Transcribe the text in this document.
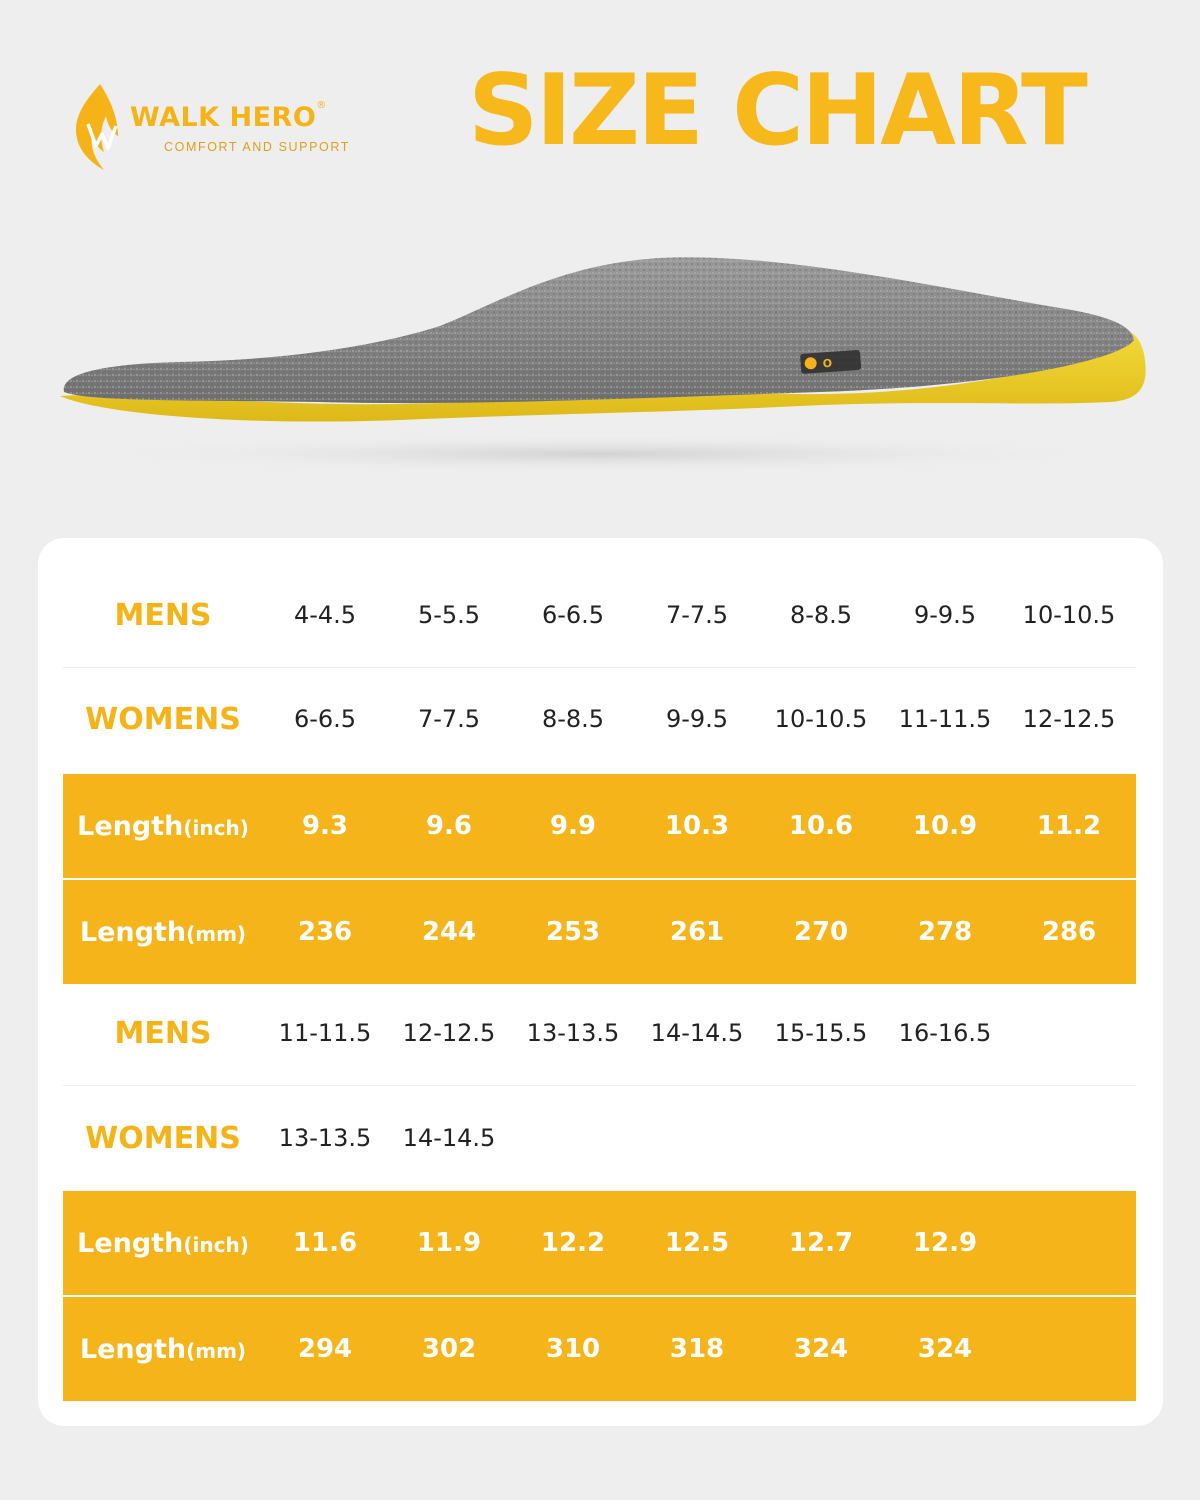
WALK HERO®
COMFORT AND SUPPORT SIZE CHART
O
MENS	4-4.5	5-5.5	6-6.5	7-7.5	8-8.5	9-9.5	10-10.5
WOMENS	6-6.5	7-7.5	8-8.5	9-9.5	10-10.5	11-11.5	12-12.5
Length(inch)	9.3	9.6	9.9	10.3	10.6	10.9	11.2
Length(mm)	236	244	253	261	270	278	286
MENS	11-11.5	12-12.5	13-13.5	14-14.5	15-15.5	16-16.5
WOMENS	13-13.5	14-14.5
Length(inch)	11.6	11.9	12.2	12.5	12.7	12.9
Length(mm)	294	302	310	318	324	324
